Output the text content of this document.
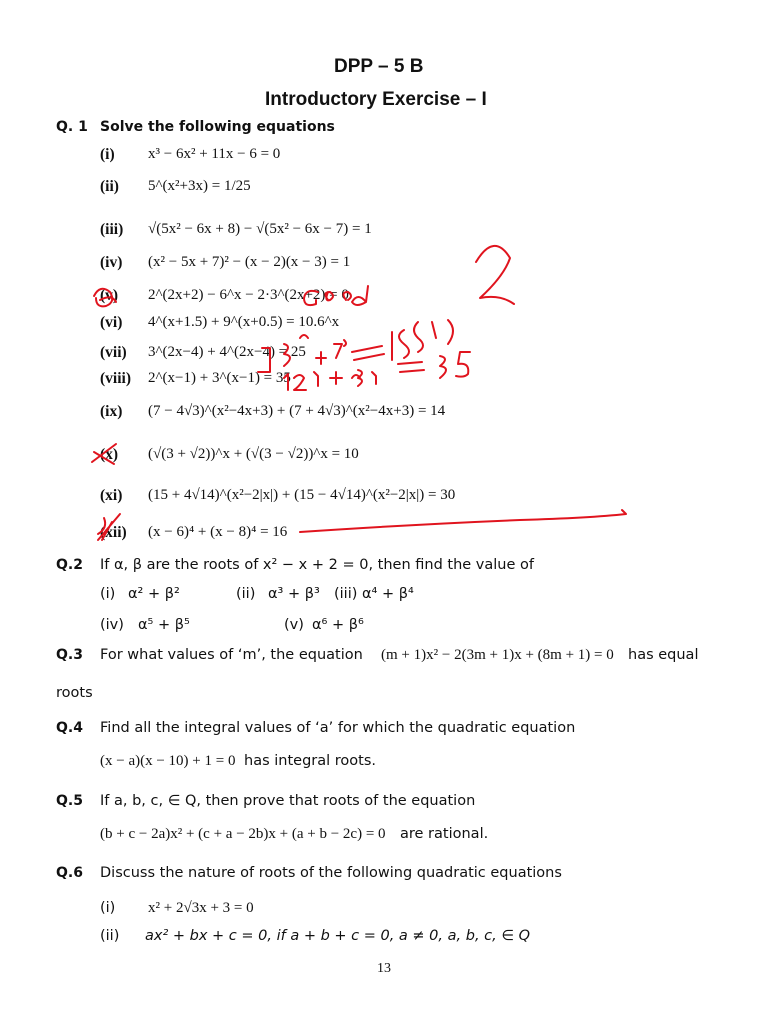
DPP – 5 B
Introductory Exercise – I
Q. 1 Solve the following equations
(i) x³ − 6x² + 11x − 6 = 0
(ii) 5^(x²+3x) = 1/25
(iii) √(5x² − 6x + 8) − √(5x² − 6x − 7) = 1
(iv) (x² − 5x + 7)² − (x − 2)(x − 3) = 1
(v) 2^(2x+2) − 6^x − 2·3^(2x+2) = 0
(vi) 4^(x+1.5) + 9^(x+0.5) = 10.6^x
(vii) 3^(2x−4) + 4^(2x−4) = 25
(viii) 2^(x−1) + 3^(x−1) = 35
(ix) (7 − 4√3)^(x²−4x+3) + (7 + 4√3)^(x²−4x+3) = 14
(x) (√(3 + √2))^x + (√(3 − √2))^x = 10
(xi) (15 + 4√14)^(x²−2|x|) + (15 − 4√14)^(x²−2|x|) = 30
(xii) (x − 6)⁴ + (x − 8)⁴ = 16
Q.2 If α, β are the roots of x² − x + 2 = 0, then find the value of
(i) α² + β²	(ii) α³ + β³ (iii) α⁴ + β⁴
(iv) α⁵ + β⁵	(v) α⁶ + β⁶
Q.3 For what values of ‘m’, the equation (m + 1)x² − 2(3m + 1)x + (8m + 1) = 0 has equal
roots
Q.4 Find all the integral values of ‘a’ for which the quadratic equation
(x − a)(x − 10) + 1 = 0 has integral roots.
Q.5 If a, b, c, ∈ Q, then prove that roots of the equation
(b + c − 2a)x² + (c + a − 2b)x + (a + b − 2c) = 0 are rational.
Q.6 Discuss the nature of roots of the following quadratic equations
(i) x² + 2√3x + 3 = 0
(ii) ax² + bx + c = 0, if a + b + c = 0, a ≠ 0, a, b, c, ∈ Q
13
